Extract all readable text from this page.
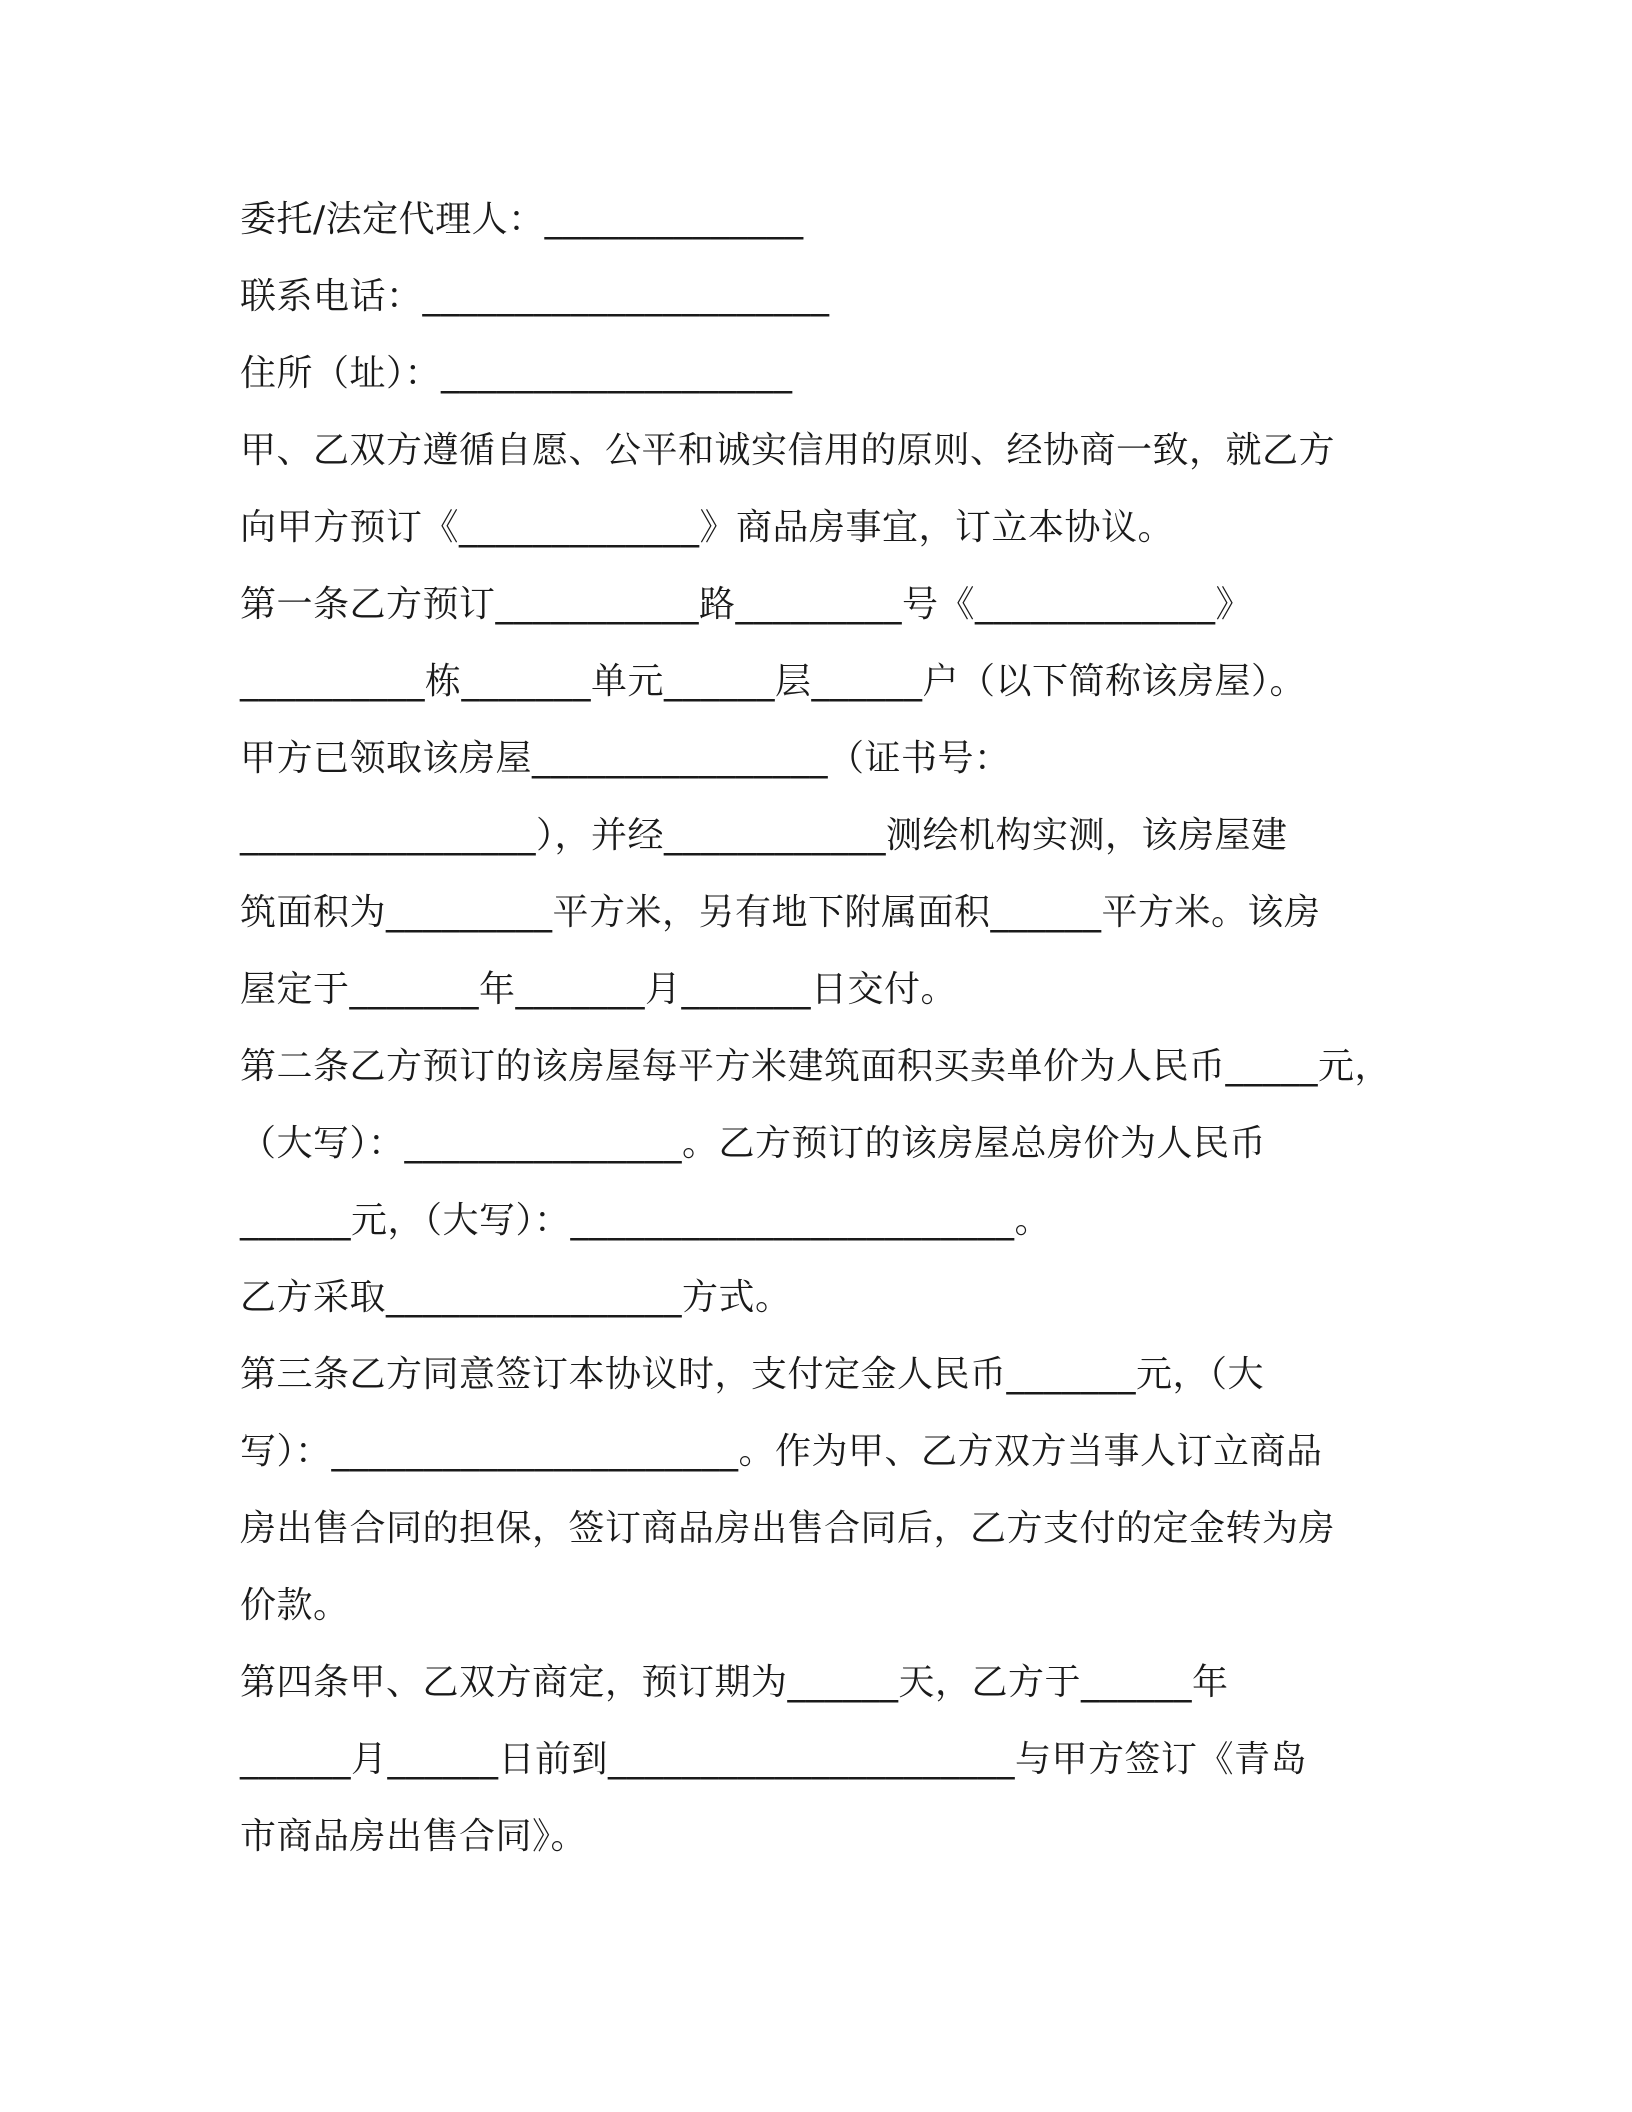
委托/法定代理人：______________
联系电话：______________________
住所（址）：___________________
甲、乙双方遵循自愿、公平和诚实信用的原则、经协商一致，就乙方
向甲方预订《_____________》商品房事宜，订立本协议。
第一条乙方预订___________路_________号《_____________》
__________栋_______单元______层______户（以下简称该房屋）。
甲方已领取该房屋________________（证书号：
________________），并经____________测绘机构实测，该房屋建
筑面积为_________平方米，另有地下附属面积______平方米。该房
屋定于_______年_______月_______日交付。
第二条乙方预订的该房屋每平方米建筑面积买卖单价为人民币_____元，
（大写）：_______________。乙方预订的该房屋总房价为人民币
______元，（大写）：________________________。
乙方采取________________方式。
第三条乙方同意签订本协议时，支付定金人民币_______元，（大
写）：______________________。作为甲、乙方双方当事人订立商品
房出售合同的担保，签订商品房出售合同后，乙方支付的定金转为房
价款。
第四条甲、乙双方商定，预订期为______天，乙方于______年
______月______日前到______________________与甲方签订《青岛
市商品房出售合同》。
